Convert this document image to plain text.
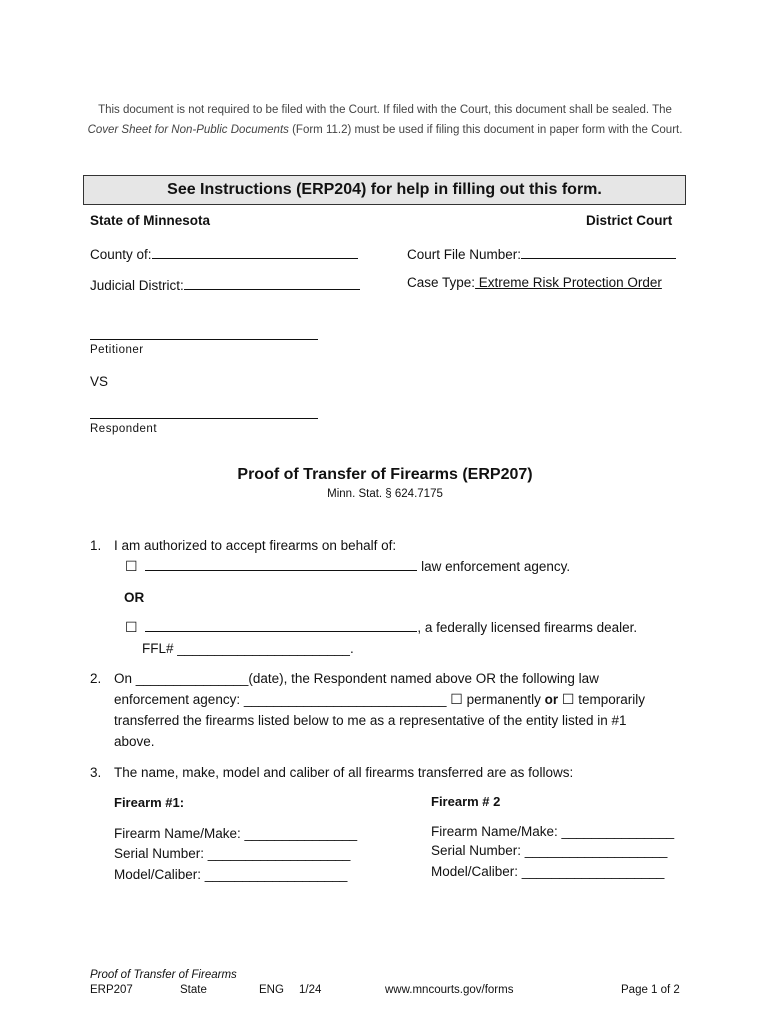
This document is not required to be filed with the Court. If filed with the Court, this document shall be sealed. The
Cover Sheet for Non-Public Documents (Form 11.2) must be used if filing this document in paper form with the Court.
See Instructions (ERP204) for help in filling out this form.
State of Minnesota	District Court
County of:	Court File Number:
Judicial District:	Case Type: Extreme Risk Protection Order
Petitioner
VS
Respondent
Proof of Transfer of Firearms (ERP207)
Minn. Stat. § 624.7175
1. I am authorized to accept firearms on behalf of:
☐	law enforcement agency.
OR
☐	, a federally licensed firearms dealer.
FFL# _______________________.
2. On _______________(date), the Respondent named above OR the following law
enforcement agency: ___________________________ ☐ permanently or ☐ temporarily
transferred the firearms listed below to me as a representative of the entity listed in #1
above.
3. The name, make, model and caliber of all firearms transferred are as follows:
Firearm #1:
Firearm Name/Make: _______________
Serial Number: ___________________
Model/Caliber: ___________________
Firearm # 2
Firearm Name/Make: _______________
Serial Number: ___________________
Model/Caliber: ___________________
Proof of Transfer of Firearms
ERP207	State	ENG 1/24	www.mncourts.gov/forms	Page 1 of 2
